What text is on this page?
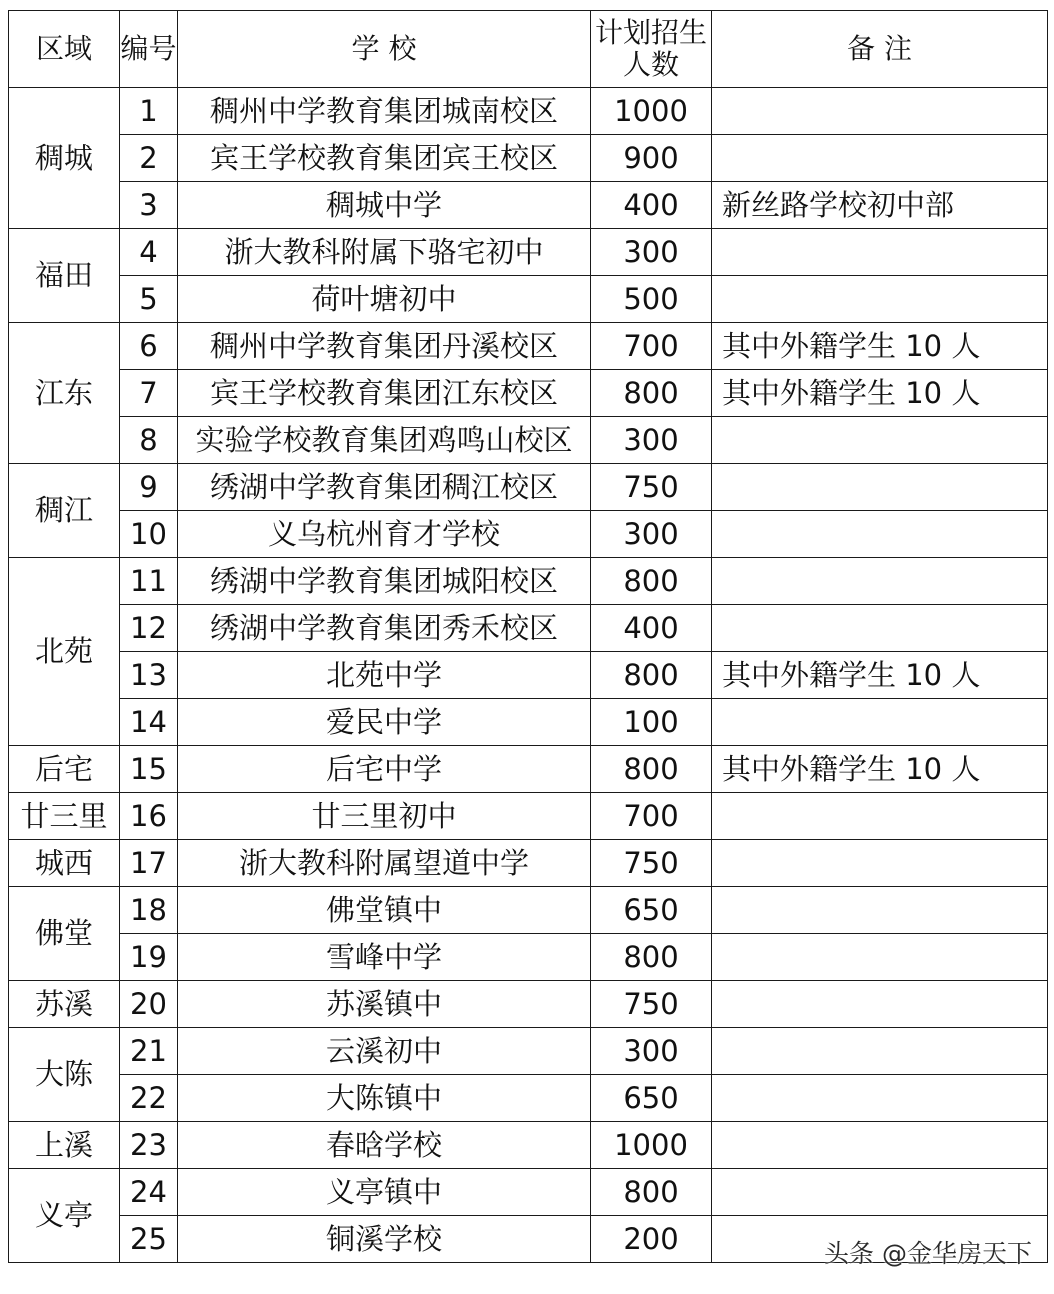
区域	编号	学 校	计划招生人数	备 注
稠城	1	稠州中学教育集团城南校区	1000	
	2	宾王学校教育集团宾王校区	900	
	3	稠城中学	400	新丝路学校初中部
福田	4	浙大教科附属下骆宅初中	300	
	5	荷叶塘初中	500	
江东	6	稠州中学教育集团丹溪校区	700	其中外籍学生 10 人
	7	宾王学校教育集团江东校区	800	其中外籍学生 10 人
	8	实验学校教育集团鸡鸣山校区	300	
稠江	9	绣湖中学教育集团稠江校区	750	
	10	义乌杭州育才学校	300	
北苑	11	绣湖中学教育集团城阳校区	800	
	12	绣湖中学教育集团秀禾校区	400	
	13	北苑中学	800	其中外籍学生 10 人
	14	爱民中学	100	
后宅	15	后宅中学	800	其中外籍学生 10 人
廿三里	16	廿三里初中	700	
城西	17	浙大教科附属望道中学	750	
佛堂	18	佛堂镇中	650	
	19	雪峰中学	800	
苏溪	20	苏溪镇中	750	
大陈	21	云溪初中	300	
	22	大陈镇中	650	
上溪	23	春晗学校	1000	
义亭	24	义亭镇中	800	
	25	铜溪学校	200		头条 @金华房天下
